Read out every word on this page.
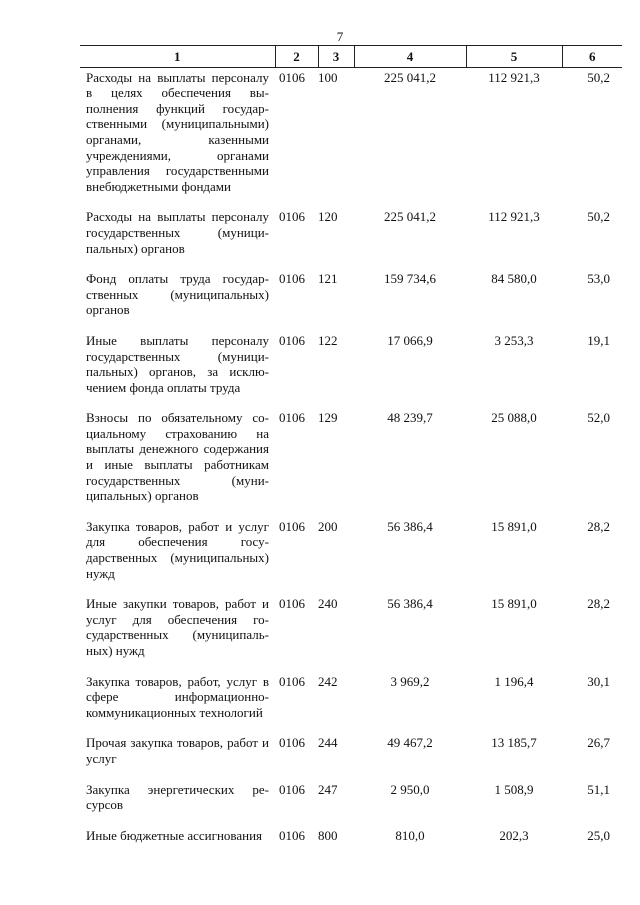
7
1	2	3	4	5	6
Расходы на выплаты персоналу в целях обеспечения выполнения функций государственными (муниципальными) органами, казенными учреждениями, органами управления государственными внебюджетными фондами	0106	100	225 041,2	112 921,3	50,2
Расходы на выплаты персоналу государственных (муниципальных) органов	0106	120	225 041,2	112 921,3	50,2
Фонд оплаты труда государственных (муниципальных) органов	0106	121	159 734,6	84 580,0	53,0
Иные выплаты персоналу государственных (муниципальных) органов, за исключением фонда оплаты труда	0106	122	17 066,9	3 253,3	19,1
Взносы по обязательному социальному страхованию на выплаты денежного содержания и иные выплаты работникам государственных (муниципальных) органов	0106	129	48 239,7	25 088,0	52,0
Закупка товаров, работ и услуг для обеспечения государственных (муниципальных) нужд	0106	200	56 386,4	15 891,0	28,2
Иные закупки товаров, работ и услуг для обеспечения государственных (муниципальных) нужд	0106	240	56 386,4	15 891,0	28,2
Закупка товаров, работ, услуг в сфере информационно-коммуникационных технологий	0106	242	3 969,2	1 196,4	30,1
Прочая закупка товаров, работ и услуг	0106	244	49 467,2	13 185,7	26,7
Закупка энергетических ресурсов	0106	247	2 950,0	1 508,9	51,1
Иные бюджетные ассигнования	0106	800	810,0	202,3	25,0
